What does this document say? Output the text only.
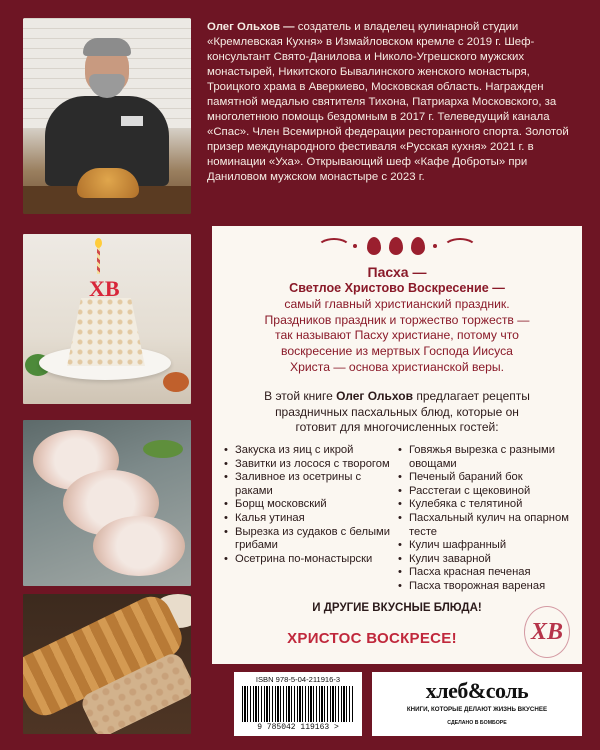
Олег Ольхов — создатель и владелец кулинарной студии «Кремлевская Кухня» в Измайловском кремле с 2019 г. Шеф-консультант Свято-Данилова и Николо-Угрешского мужских монастырей, Никитского Бывалинского женского монастыря, Троицкого храма в Аверкиево, Московская область. Награжден памятной медалью святителя Тихона, Патриарха Московского, за многолетнюю помощь бездомным в 2017 г. Телеведущий канала «Спас». Член Всемирной федерации ресторанного спорта. Золотой призер международного фестиваля «Русская кухня» 2021 г. в номинации «Уха». Открывающий шеф «Кафе Доброты» при Даниловом мужском монастыре с 2023 г.

ХВ

Пасха —

Светлое Христово Воскресение —

самый главный христианский праздник.

Праздников праздник и торжество торжеств —

так называют Пасху христиане, потому что

воскресение из мертвых Господа Иисуса

Христа — основа христианской веры.

В этой книге Олег Ольхов предлагает рецепты
праздничных пасхальных блюд, которые он
готовит для многочисленных гостей:

• Закуска из яиц с икрой
• Завитки из лосося с творогом
• Заливное из осетрины с раками
• Борщ московский
• Калья утиная
• Вырезка из судаков с белыми грибами
• Осетрина по-монастырски
• Говяжья вырезка с разными овощами
• Печеный бараний бок
• Расстегаи с щековиной
• Кулебяка с телятиной
• Пасхальный кулич на опарном тесте
• Кулич шафранный
• Кулич заварной
• Пасха красная печеная
• Пасха творожная вареная

И ДРУГИЕ ВКУСНЫЕ БЛЮДА!

ХРИСТОС ВОСКРЕСЕ!	ХВ

ISBN 978-5-04-211916-3

9 785042 119163 >

хлеб&соль

КНИГИ, КОТОРЫЕ ДЕЛАЮТ ЖИЗНЬ ВКУСНЕЕ

СДЕЛАНО В БОМБОРЕ
